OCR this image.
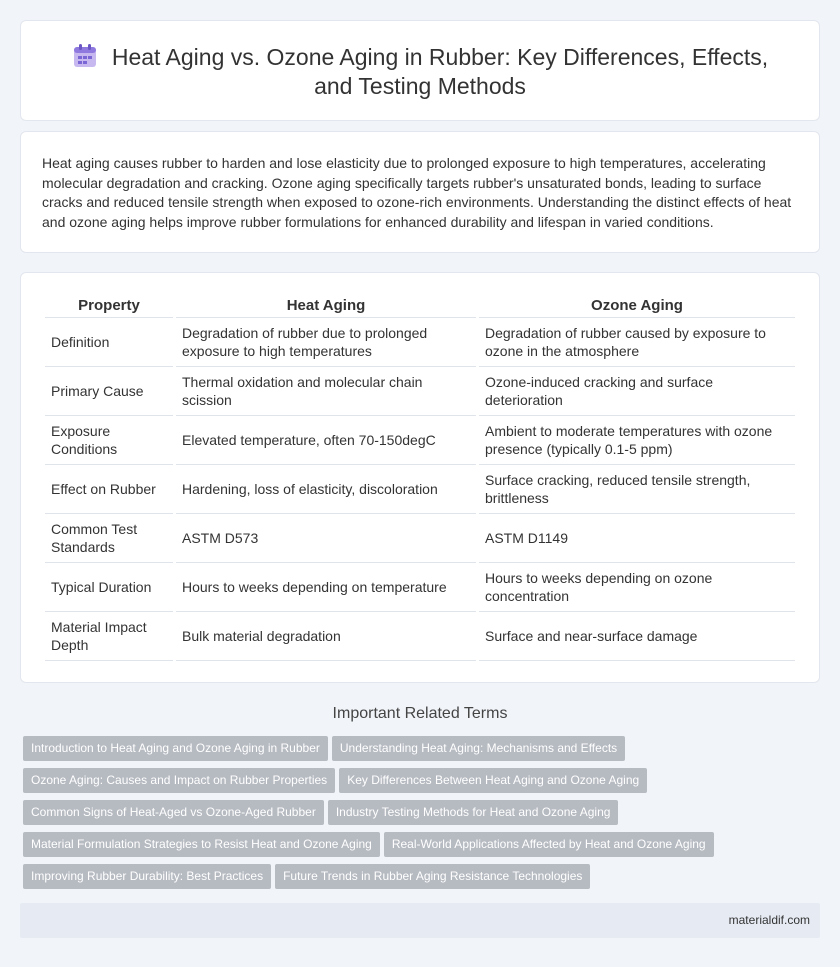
Heat Aging vs. Ozone Aging in Rubber: Key Differences, Effects,
and Testing Methods

Heat aging causes rubber to harden and lose elasticity due to prolonged exposure to high temperatures, accelerating molecular degradation and cracking. Ozone aging specifically targets rubber's unsaturated bonds, leading to surface cracks and reduced tensile strength when exposed to ozone-rich environments. Understanding the distinct effects of heat and ozone aging helps improve rubber formulations for enhanced durability and lifespan in varied conditions.

Property	Heat Aging	Ozone Aging
Definition	Degradation of rubber due to prolonged exposure to high temperatures	Degradation of rubber caused by exposure to ozone in the atmosphere
Primary Cause	Thermal oxidation and molecular chain scission	Ozone-induced cracking and surface deterioration
Exposure Conditions	Elevated temperature, often 70-150degC	Ambient to moderate temperatures with ozone presence (typically 0.1-5 ppm)
Effect on Rubber	Hardening, loss of elasticity, discoloration	Surface cracking, reduced tensile strength, brittleness
Common Test Standards	ASTM D573	ASTM D1149
Typical Duration	Hours to weeks depending on temperature	Hours to weeks depending on ozone concentration
Material Impact Depth	Bulk material degradation	Surface and near-surface damage
Important Related Terms
Introduction to Heat Aging and Ozone Aging in Rubber Understanding Heat Aging: Mechanisms and Effects
Ozone Aging: Causes and Impact on Rubber Properties Key Differences Between Heat Aging and Ozone Aging
Common Signs of Heat-Aged vs Ozone-Aged Rubber Industry Testing Methods for Heat and Ozone Aging
Material Formulation Strategies to Resist Heat and Ozone Aging Real-World Applications Affected by Heat and Ozone Aging
Improving Rubber Durability: Best Practices Future Trends in Rubber Aging Resistance Technologies
materialdif.com
